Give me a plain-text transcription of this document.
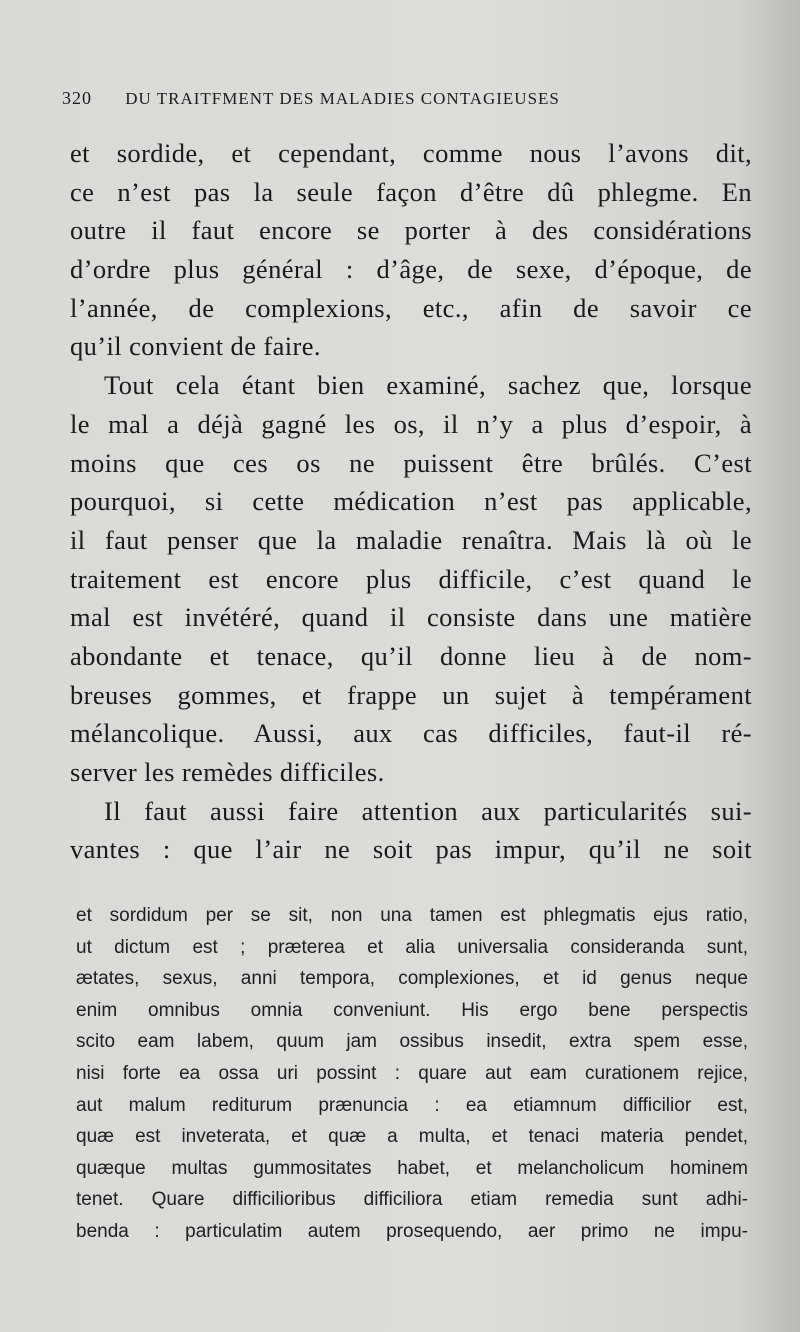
320 DU TRAITFMENT DES MALADIES CONTAGIEUSES
et sordide, et cependant, comme nous l’avons dit,
ce n’est pas la seule façon d’être dû phlegme. En
outre il faut encore se porter à des considérations
d’ordre plus général : d’âge, de sexe, d’époque, de
l’année, de complexions, etc., afin de savoir ce
qu’il convient de faire.
Tout cela étant bien examiné, sachez que, lorsque
le mal a déjà gagné les os, il n’y a plus d’espoir, à
moins que ces os ne puissent être brûlés. C’est
pourquoi, si cette médication n’est pas applicable,
il faut penser que la maladie renaîtra. Mais là où le
traitement est encore plus difficile, c’est quand le
mal est invétéré, quand il consiste dans une matière
abondante et tenace, qu’il donne lieu à de nom-
breuses gommes, et frappe un sujet à tempérament
mélancolique. Aussi, aux cas difficiles, faut-il ré-
server les remèdes difficiles.
Il faut aussi faire attention aux particularités sui-
vantes : que l’air ne soit pas impur, qu’il ne soit
et sordidum per se sit, non una tamen est phlegmatis ejus ratio,
ut dictum est ; præterea et alia universalia consideranda sunt,
ætates, sexus, anni tempora, complexiones, et id genus neque
enim omnibus omnia conveniunt. His ergo bene perspectis
scito eam labem, quum jam ossibus insedit, extra spem esse,
nisi forte ea ossa uri possint : quare aut eam curationem rejice,
aut malum rediturum prænuncia : ea etiamnum difficilior est,
quæ est inveterata, et quæ a multa, et tenaci materia pendet,
quæque multas gummositates habet, et melancholicum hominem
tenet. Quare difficilioribus difficiliora etiam remedia sunt adhi-
benda : particulatim autem prosequendo, aer primo ne impu-
